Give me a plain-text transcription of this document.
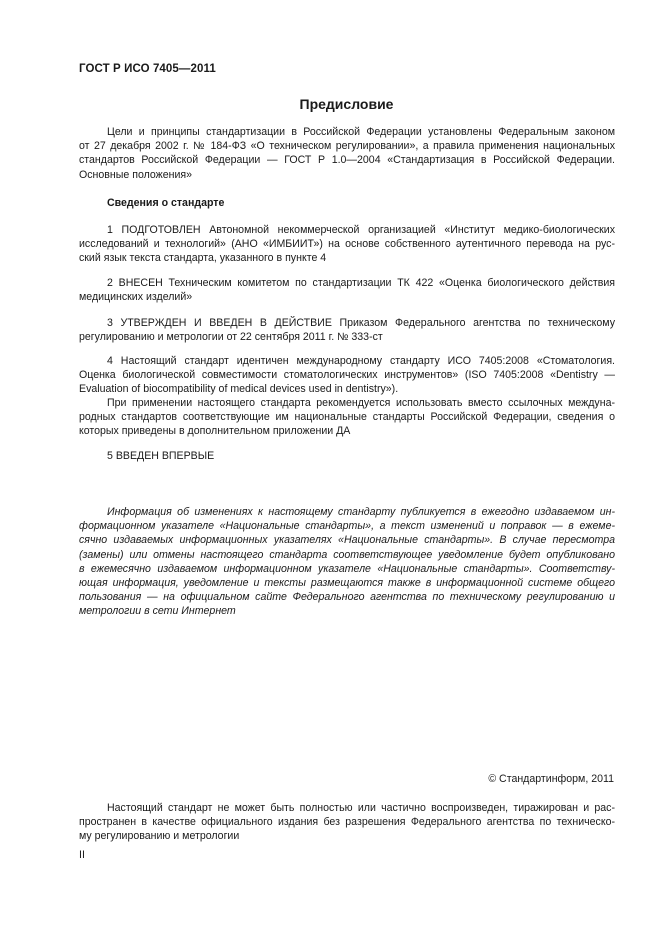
ГОСТ Р ИСО 7405—2011
Предисловие
Цели и принципы стандартизации в Российской Федерации установлены Федеральным законом
от 27 декабря 2002 г. № 184-ФЗ «О техническом регулировании», а правила применения национальных
стандартов Российской Федерации — ГОСТ Р 1.0—2004 «Стандартизация в Российской Федерации.
Основные положения»
Сведения о стандарте
1 ПОДГОТОВЛЕН Автономной некоммерческой организацией «Институт медико-биологических
исследований и технологий» (АНО «ИМБИИТ») на основе собственного аутентичного перевода на рус-
ский язык текста стандарта, указанного в пункте 4
2 ВНЕСЕН Техническим комитетом по стандартизации ТК 422 «Оценка биологического действия
медицинских изделий»
3 УТВЕРЖДЕН И ВВЕДЕН В ДЕЙСТВИЕ Приказом Федерального агентства по техническому
регулированию и метрологии от 22 сентября 2011 г. № 333-ст
4 Настоящий стандарт идентичен международному стандарту ИСО 7405:2008 «Стоматология.
Оценка биологической совместимости стоматологических инструментов» (ISO 7405:2008 «Dentistry —
Evaluation of biocompatibility of medical devices used in dentistry»).
При применении настоящего стандарта рекомендуется использовать вместо ссылочных междуна-
родных стандартов соответствующие им национальные стандарты Российской Федерации, сведения о
которых приведены в дополнительном приложении ДА
5 ВВЕДЕН ВПЕРВЫЕ
Информация об изменениях к настоящему стандарту публикуется в ежегодно издаваемом ин-
формационном указателе «Национальные стандарты», а текст изменений и поправок — в ежеме-
сячно издаваемых информационных указателях «Национальные стандарты». В случае пересмотра
(замены) или отмены настоящего стандарта соответствующее уведомление будет опубликовано
в ежемесячно издаваемом информационном указателе «Национальные стандарты». Соответству-
ющая информация, уведомление и тексты размещаются также в информационной системе общего
пользования — на официальном сайте Федерального агентства по техническому регулированию и
метрологии в сети Интернет
© Стандартинформ, 2011
Настоящий стандарт не может быть полностью или частично воспроизведен, тиражирован и рас-
пространен в качестве официального издания без разрешения Федерального агентства по техническо-
му регулированию и метрологии
II
